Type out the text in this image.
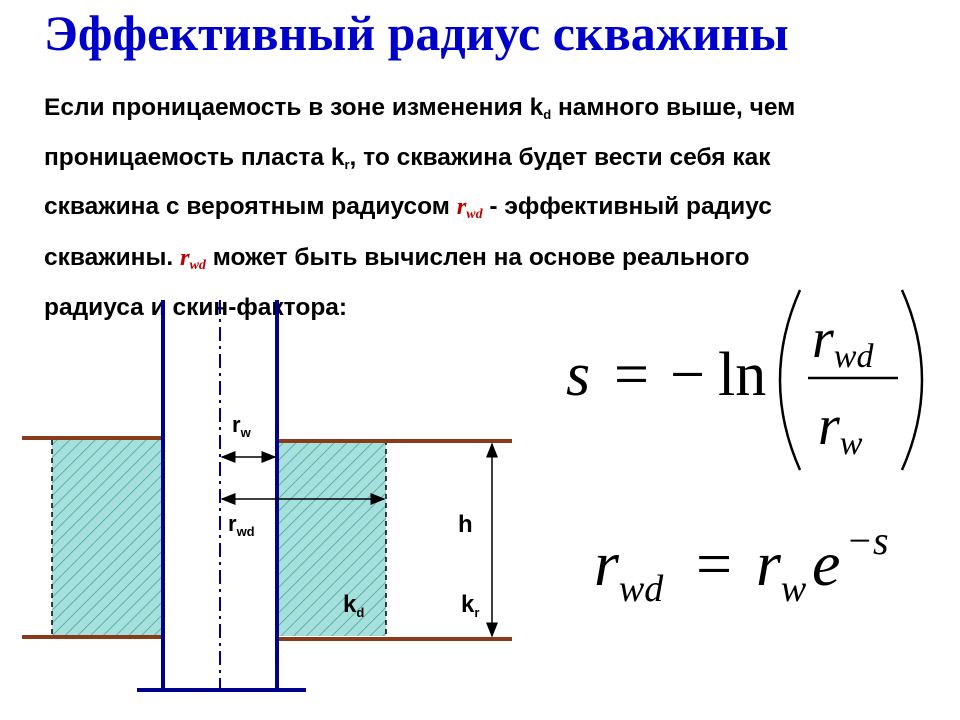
Эффективный радиус скважины
Если проницаемость в зоне изменения kd намного выше, чем
проницаемость пласта kr, то скважина будет вести себя как
скважина с вероятным радиусом $r_{wd}$ - эффективный радиус
скважины. $r_{wd}$ может быть вычислен на основе реального
радиуса и скин-фактора:
$r_w$
$r_{wd}$	h
$k_d$	$k_r$
s = − ln
rwd
rw
$r_{wd} = r_w$ e −s
